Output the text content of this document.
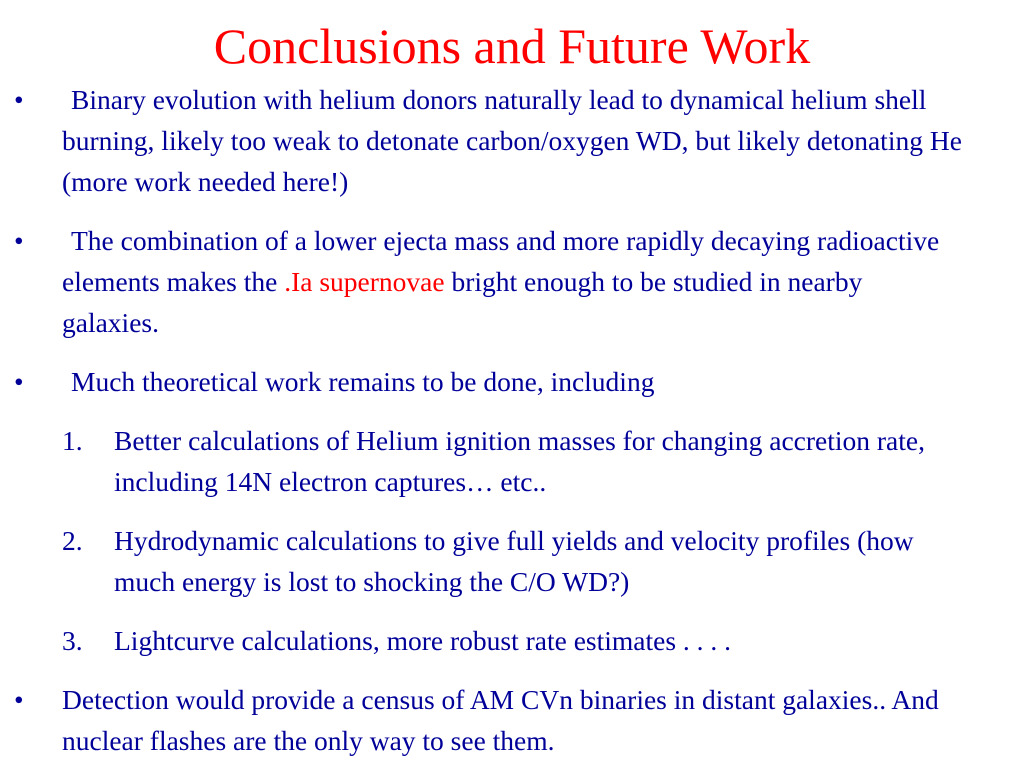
Conclusions and Future Work
• Binary evolution with helium donors naturally lead to dynamical helium shell burning, likely too weak to detonate carbon/oxygen WD, but likely detonating He (more work needed here!)
• The combination of a lower ejecta mass and more rapidly decaying radioactive elements makes the .Ia supernovae bright enough to be studied in nearby galaxies.
• Much theoretical work remains to be done, including
1. Better calculations of Helium ignition masses for changing accretion rate, including 14N electron captures… etc..
2. Hydrodynamic calculations to give full yields and velocity profiles (how much energy is lost to shocking the C/O WD?)
3. Lightcurve calculations, more robust rate estimates . . . .
• Detection would provide a census of AM CVn binaries in distant galaxies.. And nuclear flashes are the only way to see them.
